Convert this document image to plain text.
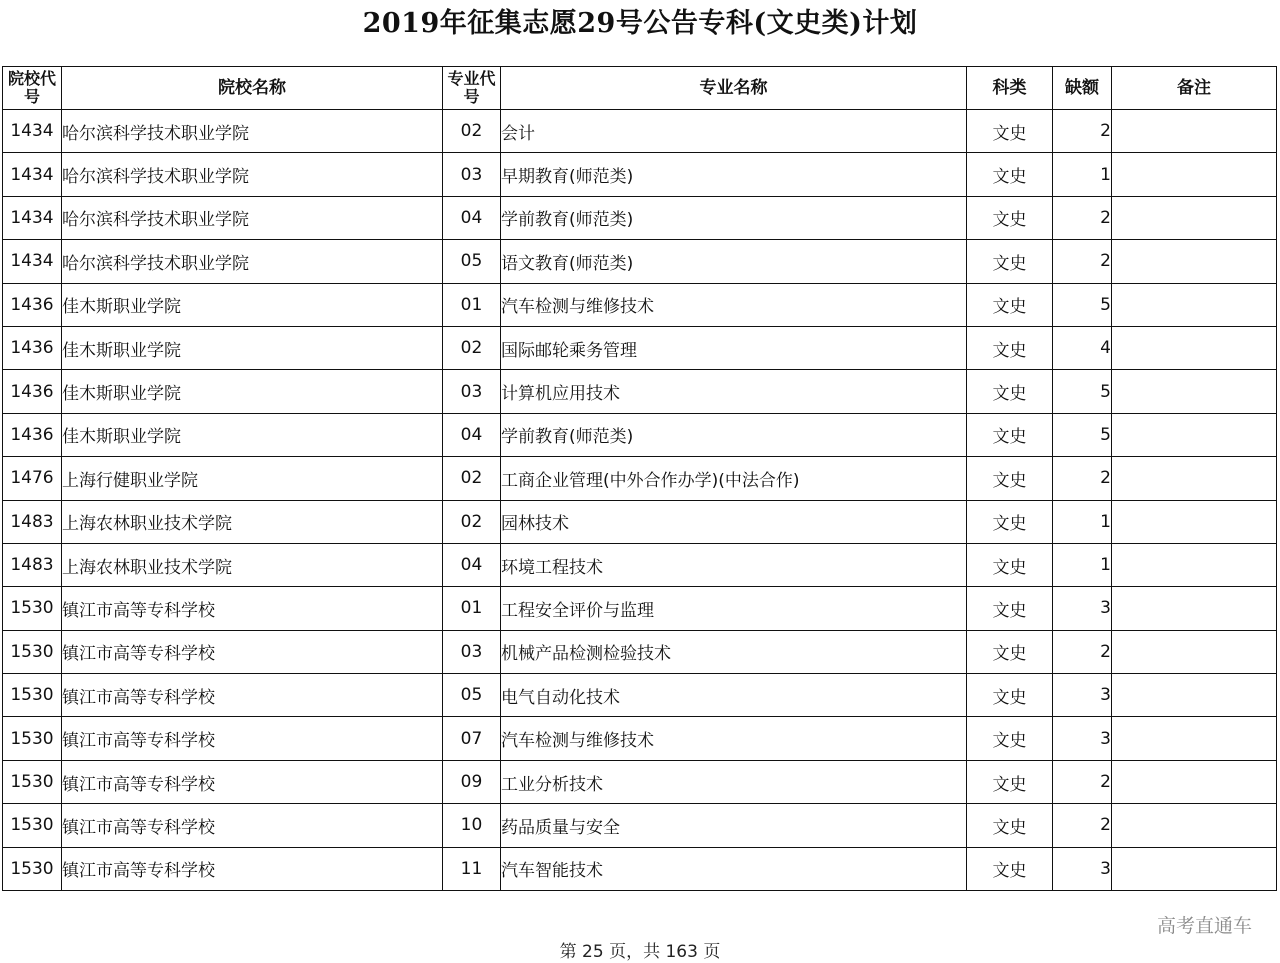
2019年征集志愿29号公告专科(文史类)计划
院校代号	院校名称	专业代号	专业名称	科类	缺额	备注
1434	哈尔滨科学技术职业学院	02	会计	文史	2	
1434	哈尔滨科学技术职业学院	03	早期教育(师范类)	文史	1	
1434	哈尔滨科学技术职业学院	04	学前教育(师范类)	文史	2	
1434	哈尔滨科学技术职业学院	05	语文教育(师范类)	文史	2	
1436	佳木斯职业学院	01	汽车检测与维修技术	文史	5	
1436	佳木斯职业学院	02	国际邮轮乘务管理	文史	4	
1436	佳木斯职业学院	03	计算机应用技术	文史	5	
1436	佳木斯职业学院	04	学前教育(师范类)	文史	5	
1476	上海行健职业学院	02	工商企业管理(中外合作办学)(中法合作)	文史	2	
1483	上海农林职业技术学院	02	园林技术	文史	1	
1483	上海农林职业技术学院	04	环境工程技术	文史	1	
1530	镇江市高等专科学校	01	工程安全评价与监理	文史	3	
1530	镇江市高等专科学校	03	机械产品检测检验技术	文史	2	
1530	镇江市高等专科学校	05	电气自动化技术	文史	3	
1530	镇江市高等专科学校	07	汽车检测与维修技术	文史	3	
1530	镇江市高等专科学校	09	工业分析技术	文史	2	
1530	镇江市高等专科学校	10	药品质量与安全	文史	2	
1530	镇江市高等专科学校	11	汽车智能技术	文史	3	
高考直通车
第 25 页，共 163 页
